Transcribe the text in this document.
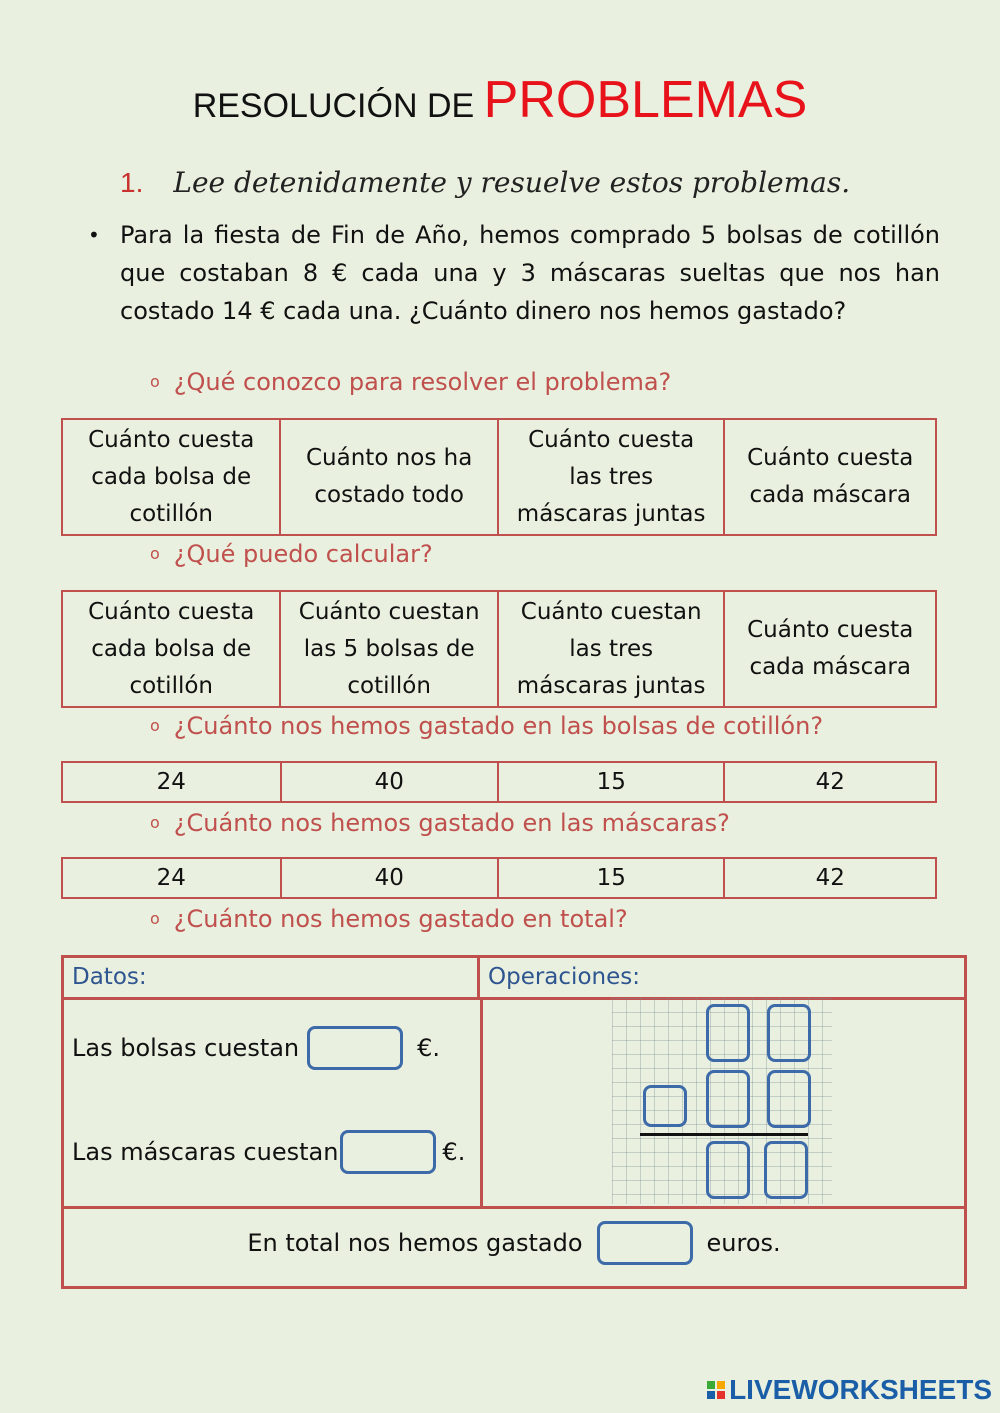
RESOLUCIÓN DE PROBLEMAS
1. Lee detenidamente y resuelve estos problemas.
• Para la fiesta de Fin de Año, hemos comprado 5 bolsas de cotillón que costaban 8 € cada una y 3 máscaras sueltas que nos han costado 14 € cada una. ¿Cuánto dinero nos hemos gastado?
o ¿Qué conozco para resolver el problema?
Cuánto cuesta
cada bolsa de
cotillón

Cuánto nos ha
costado todo

Cuánto cuesta
las tres
máscaras juntas

Cuánto cuesta
cada máscara
o ¿Qué puedo calcular?
Cuánto cuesta
cada bolsa de
cotillón

Cuánto cuestan
las 5 bolsas de
cotillón

Cuánto cuestan
las tres
máscaras juntas

Cuánto cuesta
cada máscara
o ¿Cuánto nos hemos gastado en las bolsas de cotillón?
24	40	15	42
o ¿Cuánto nos hemos gastado en las máscaras?
24	40	15	42
o ¿Cuánto nos hemos gastado en total?
Datos:	Operaciones:
Las bolsas cuestan	€.
Las máscaras cuestan	€.
En total nos hemos gastado	euros.
LIVEWORKSHEETS
